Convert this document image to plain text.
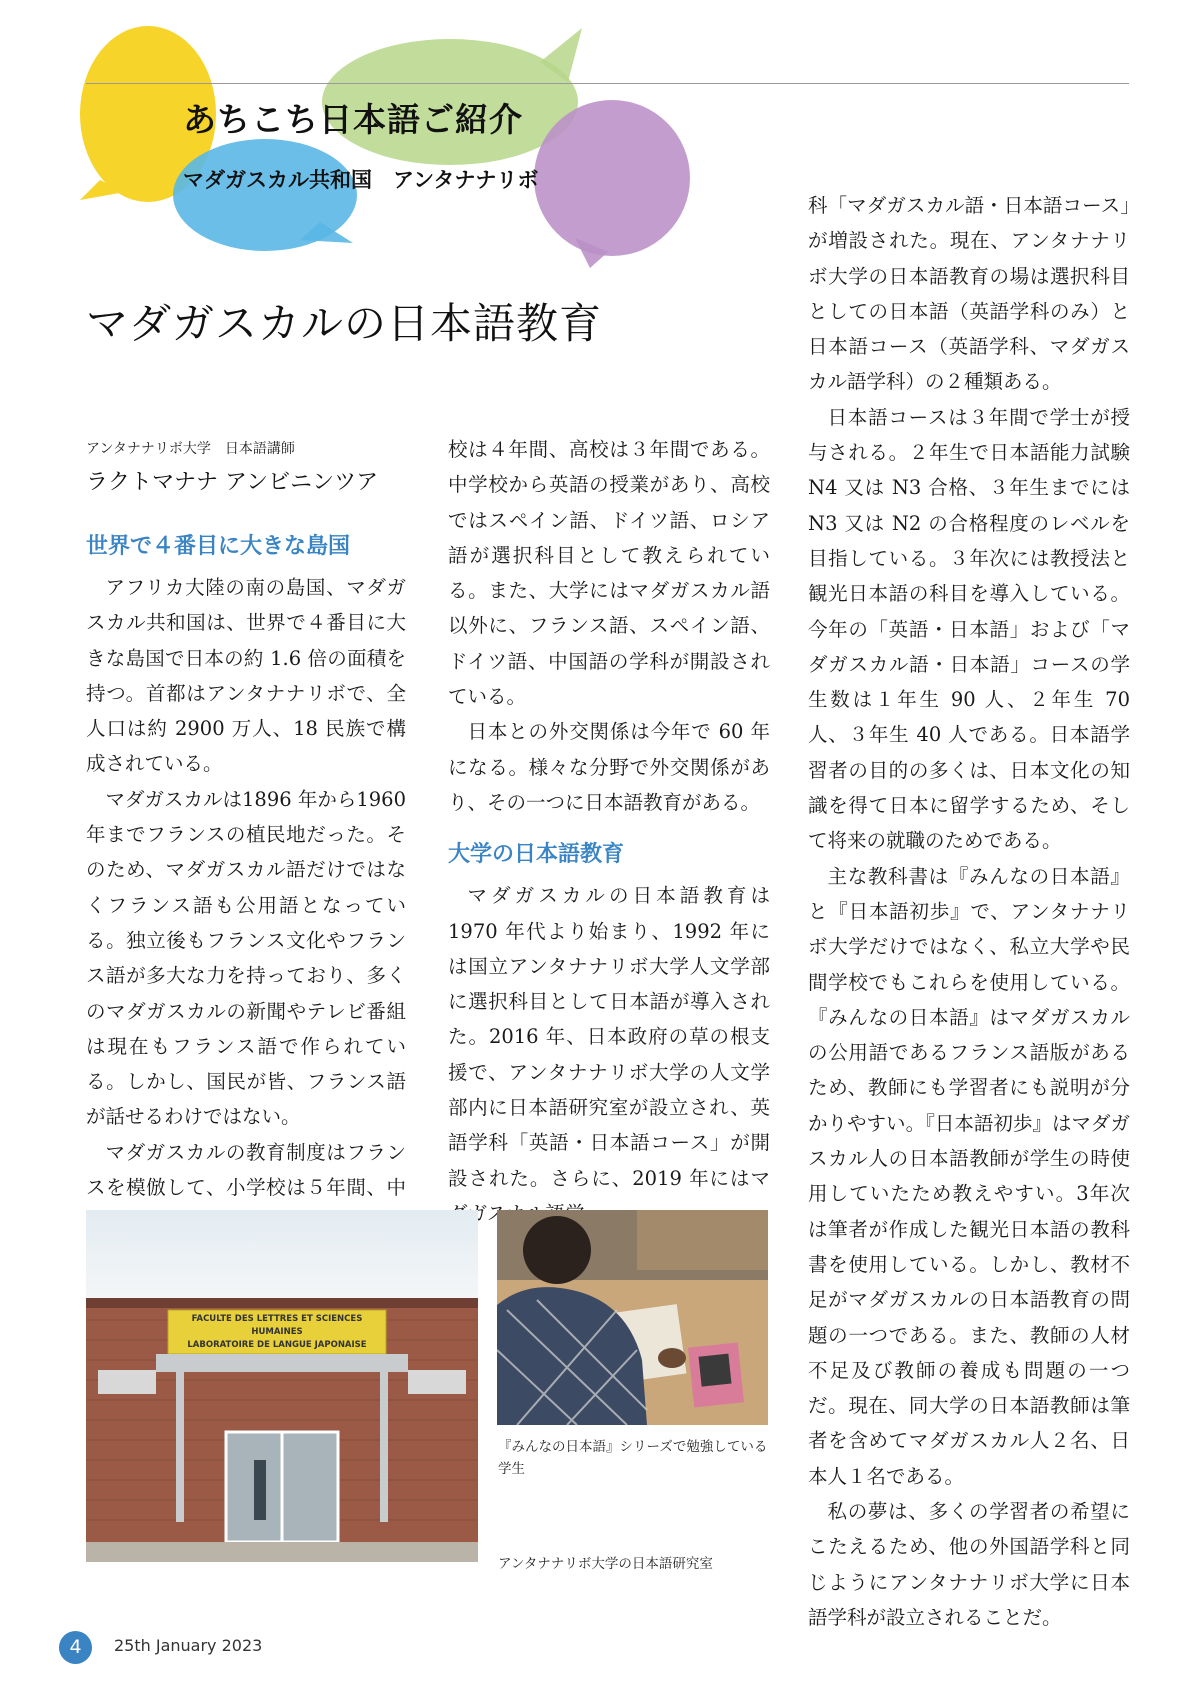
あちこち日本語ご紹介
マダガスカル共和国　アンタナナリボ
マダガスカルの日本語教育
アンタナナリボ大学　日本語講師
ラクトマナナ アンビニンツア
世界で４番目に大きな島国

アフリカ大陸の南の島国、マダガスカル共和国は、世界で４番目に大きな島国で日本の約 1.6 倍の面積を持つ。首都はアンタナナリボで、全人口は約 2900 万人、18 民族で構成されている。

マダガスカルは1896 年から1960 年までフランスの植民地だった。そのため、マダガスカル語だけではなくフランス語も公用語となっている。独立後もフランス文化やフランス語が多大な力を持っており、多くのマダガスカルの新聞やテレビ番組は現在もフランス語で作られている。しかし、国民が皆、フランス語が話せるわけではない。

マダガスカルの教育制度はフランスを模倣して、小学校は５年間、中

校は４年間、高校は３年間である。中学校から英語の授業があり、高校ではスペイン語、ドイツ語、ロシア語が選択科目として教えられている。また、大学にはマダガスカル語以外に、フランス語、スペイン語、ドイツ語、中国語の学科が開設されている。

日本との外交関係は今年で 60 年になる。様々な分野で外交関係があり、その一つに日本語教育がある。

大学の日本語教育

マダガスカルの日本語教育は 1970 年代より始まり、1992 年には国立アンタナナリボ大学人文学部に選択科目として日本語が導入された。2016 年、日本政府の草の根支援で、アンタナナリボ大学の人文学部内に日本語研究室が設立され、英語学科「英語・日本語コース」が開設された。さらに、2019 年にはマ

科「マダガスカル語・日本語コース」が増設された。現在、アンタナナリボ大学の日本語教育の場は選択科目としての日本語（英語学科のみ）と日本語コース（英語学科、マダガスカル語学科）の２種類ある。

日本語コースは３年間で学士が授与される。２年生で日本語能力試験 N4 又は N3 合格、３年生までには N3 又は N2 の合格程度のレベルを目指している。３年次には教授法と観光日本語の科目を導入している。今年の「英語・日本語」および「マダガスカル語・日本語」コースの学生数は１年生 90 人、２年生 70 人、３年生 40 人である。日本語学習者の目的の多くは、日本文化の知識を得て日本に留学するため、そして将来の就職のためである。

主な教科書は『みんなの日本語』と『日本語初歩』で、アンタナナリボ大学だけではなく、私立大学や民間学校でもこれらを使用している。『みんなの日本語』はマダガスカルの公用語であるフランス語版があるため、教師にも学習者にも説明が分かりやすい。『日本語初歩』はマダガスカル人の日本語教師が学生の時使用していたため教えやすい。3年次は筆者が作成した観光日本語の教科書を使用している。しかし、教材不足がマダガスカルの日本語教育の問題の一つである。また、教師の人材不足及び教師の養成も問題の一つだ。現在、同大学の日本語教師は筆者を含めてマダガスカル人２名、日本人１名である。

私の夢は、多くの学習者の希望にこたえるため、他の外国語学科と同じようにアンタナナリボ大学に日本語学科が設立されることだ。

FACULTE DES LETTRES ET SCIENCES HUMAINES
LABORATOIRE DE LANGUE JAPONAISE
『みんなの日本語』シリーズで勉強している学生
アンタナナリボ大学の日本語研究室
4	25th January 2023
